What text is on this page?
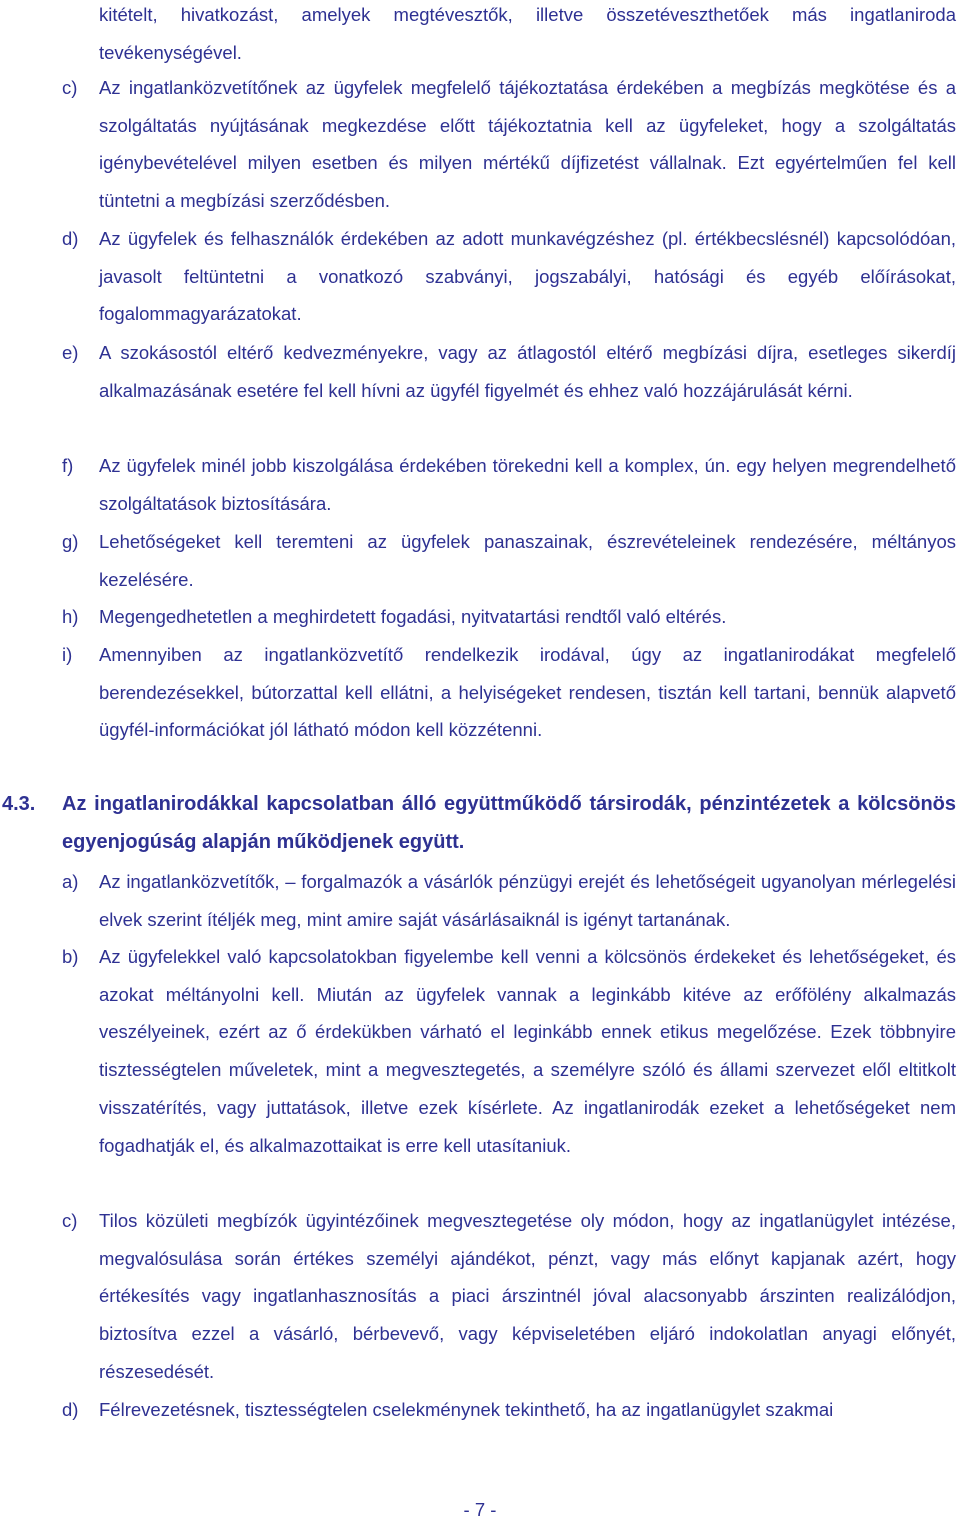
kitételt, hivatkozást, amelyek megtévesztők, illetve összetéveszthetőek más ingatlaniroda tevékenységével.
c)	Az ingatlanközvetítőnek az ügyfelek megfelelő tájékoztatása érdekében a megbízás megkötése és a szolgáltatás nyújtásának megkezdése előtt tájékoztatnia kell az ügyfeleket, hogy a szolgáltatás igénybevételével milyen esetben és milyen mértékű díjfizetést vállalnak. Ezt egyértelműen fel kell tüntetni a megbízási szerződésben.
d)	Az ügyfelek és felhasználók érdekében az adott munkavégzéshez (pl. értékbecslésnél) kapcsolódóan, javasolt feltüntetni a vonatkozó szabványi, jogszabályi, hatósági és egyéb előírásokat, fogalommagyarázatokat.
e)	A szokásostól eltérő kedvezményekre, vagy az átlagostól eltérő megbízási díjra, esetleges sikerdíj alkalmazásának esetére fel kell hívni az ügyfél figyelmét és ehhez való hozzájárulását kérni.
f)	Az ügyfelek minél jobb kiszolgálása érdekében törekedni kell a komplex, ún. egy helyen megrendelhető szolgáltatások biztosítására.
g)	Lehetőségeket kell teremteni az ügyfelek panaszainak, észrevételeinek rendezésére, méltányos kezelésére.
h)	Megengedhetetlen a meghirdetett fogadási, nyitvatartási rendtől való eltérés.
i)	Amennyiben az ingatlanközvetítő rendelkezik irodával, úgy az ingatlanirodákat megfelelő berendezésekkel, bútorzattal kell ellátni, a helyiségeket rendesen, tisztán kell tartani, bennük alapvető ügyfél-információkat jól látható módon kell közzétenni.
4.3.	Az ingatlanirodákkal kapcsolatban álló együttműködő társirodák, pénzintézetek a kölcsönös egyenjogúság alapján működjenek együtt.
a)	Az ingatlanközvetítők, – forgalmazók a vásárlók pénzügyi erejét és lehetőségeit ugyanolyan mérlegelési elvek szerint ítéljék meg, mint amire saját vásárlásaiknál is igényt tartanának.
b)	Az ügyfelekkel való kapcsolatokban figyelembe kell venni a kölcsönös érdekeket és lehetőségeket, és azokat méltányolni kell. Miután az ügyfelek vannak a leginkább kitéve az erőfölény alkalmazás veszélyeinek, ezért az ő érdekükben várható el leginkább ennek etikus megelőzése. Ezek többnyire tisztességtelen műveletek, mint a megvesztegetés, a személyre szóló és állami szervezet elől eltitkolt visszatérítés, vagy juttatások, illetve ezek kísérlete. Az ingatlanirodák ezeket a lehetőségeket nem fogadhatják el, és alkalmazottaikat is erre kell utasítaniuk.
c)	Tilos közületi megbízók ügyintézőinek megvesztegetése oly módon, hogy az ingatlanügylet intézése, megvalósulása során értékes személyi ajándékot, pénzt, vagy más előnyt kapjanak azért, hogy értékesítés vagy ingatlanhasznosítás a piaci árszintnél jóval alacsonyabb árszinten realizálódjon, biztosítva ezzel a vásárló, bérbevevő, vagy képviseletében eljáró indokolatlan anyagi előnyét, részesedését.
d)	Félrevezetésnek, tisztességtelen cselekménynek tekinthető, ha az ingatlanügylet szakmai
- 7 -
